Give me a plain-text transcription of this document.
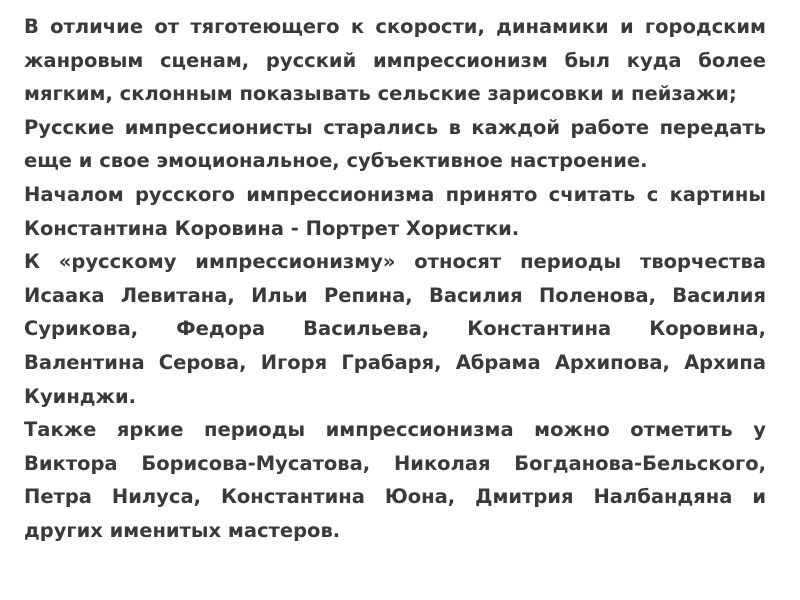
В отличие от тяготеющего к скорости, динамики и городским жанровым сценам, русский импрессионизм был куда более мягким, склонным показывать сельские зарисовки и пейзажи;

Русские импрессионисты старались в каждой работе передать еще и свое эмоциональное, субъективное настроение.

Началом русского импрессионизма принято считать с картины Константина Коровина - Портрет Хористки.

К «русскому импрессионизму» относят периоды творчества Исаака Левитана, Ильи Репина, Василия Поленова, Василия Сурикова, Федора Васильева, Константина Коровина, Валентина Серова, Игоря Грабаря, Абрама Архипова, Архипа Куинджи.

Также яркие периоды импрессионизма можно отметить у Виктора Борисова-Мусатова, Николая Богданова-Бельского, Петра Нилуса, Константина Юона, Дмитрия Налбандяна и других именитых мастеров.
